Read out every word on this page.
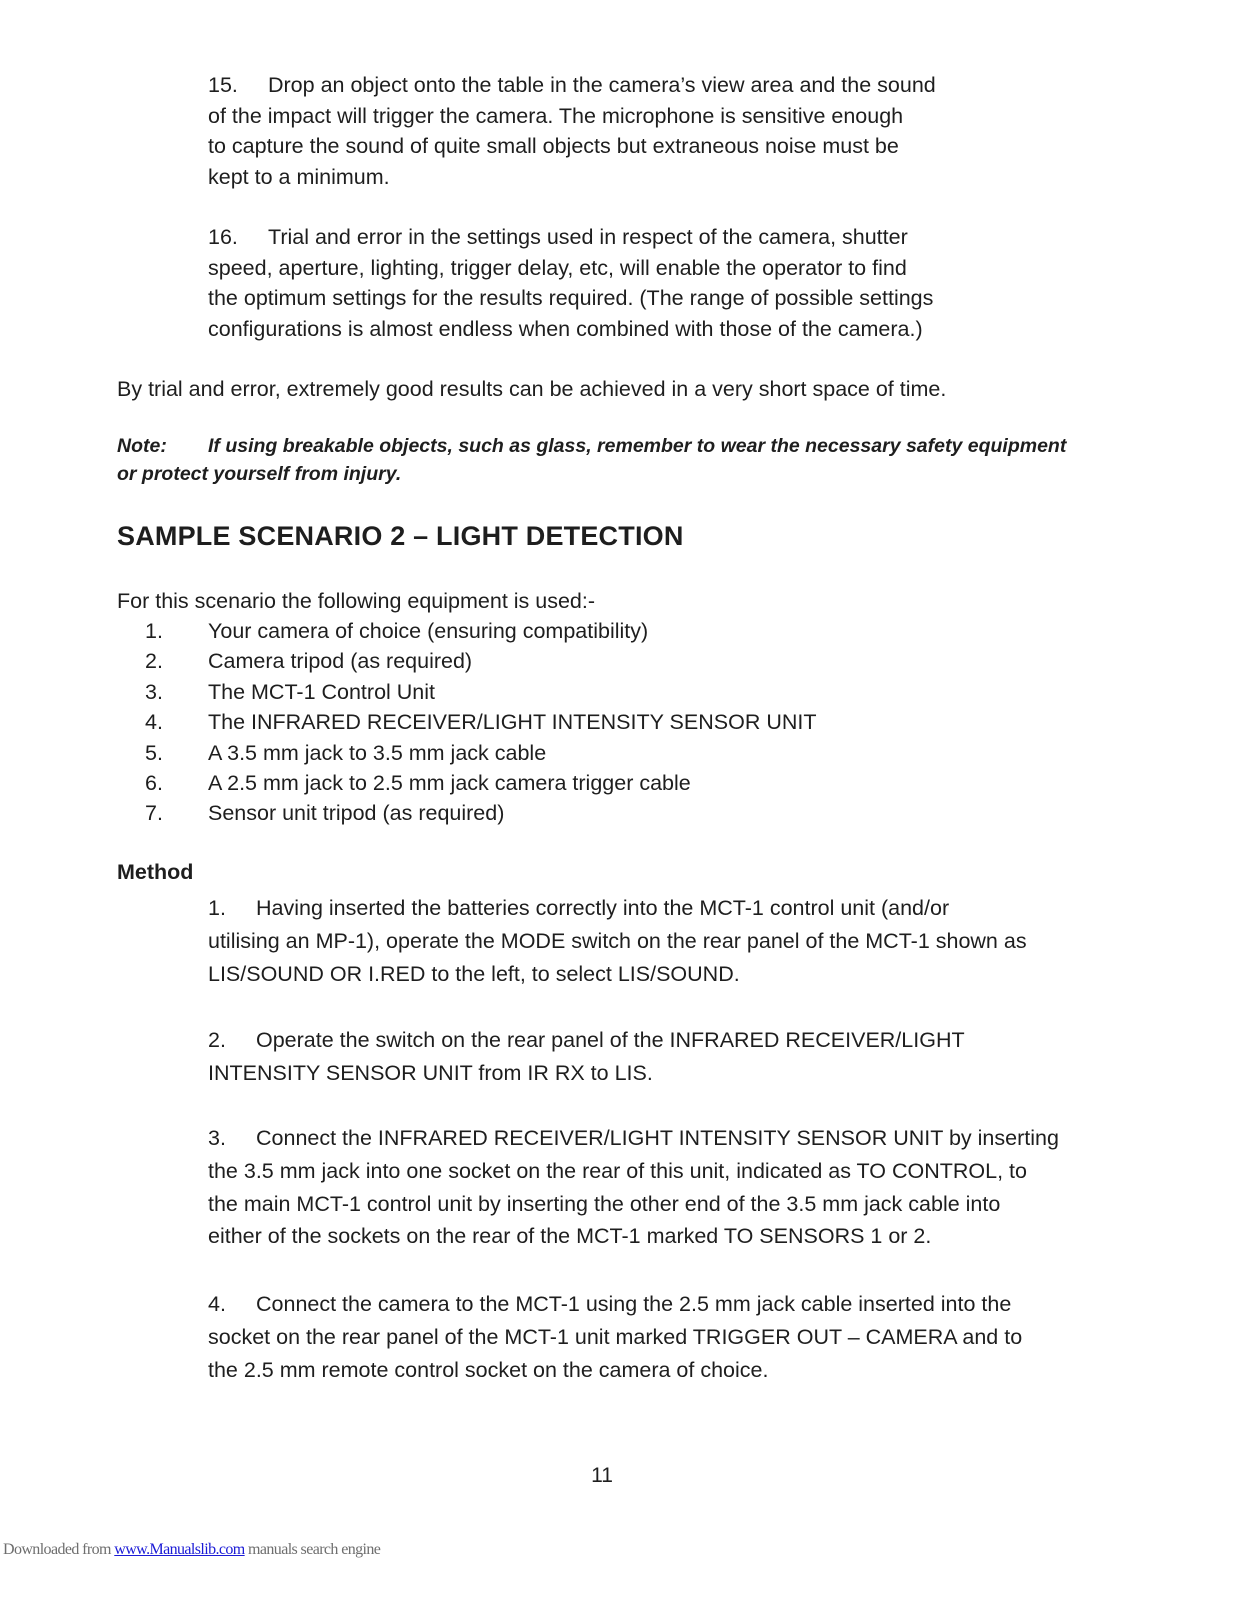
15. Drop an object onto the table in the camera’s view area and the sound
of the impact will trigger the camera. The microphone is sensitive enough
to capture the sound of quite small objects but extraneous noise must be
kept to a minimum.
16. Trial and error in the settings used in respect of the camera, shutter
speed, aperture, lighting, trigger delay, etc, will enable the operator to find
the optimum settings for the results required. (The range of possible settings
configurations is almost endless when combined with those of the camera.)

By trial and error, extremely good results can be achieved in a very short space of time.

Note: If using breakable objects, such as glass, remember to wear the necessary safety equipment
or protect yourself from injury.
SAMPLE SCENARIO 2 – LIGHT DETECTION

For this scenario the following equipment is used:-

1.	Your camera of choice (ensuring compatibility)
2.	Camera tripod (as required)
3.	The MCT-1 Control Unit
4.	The INFRARED RECEIVER/LIGHT INTENSITY SENSOR UNIT
5.	A 3.5 mm jack to 3.5 mm jack cable
6.	A 2.5 mm jack to 2.5 mm jack camera trigger cable
7.	Sensor unit tripod (as required)
Method
1. Having inserted the batteries correctly into the MCT-1 control unit (and/or
utilising an MP-1), operate the MODE switch on the rear panel of the MCT-1 shown as
LIS/SOUND OR I.RED to the left, to select LIS/SOUND.
2. Operate the switch on the rear panel of the INFRARED RECEIVER/LIGHT
INTENSITY SENSOR UNIT from IR RX to LIS.
3. Connect the INFRARED RECEIVER/LIGHT INTENSITY SENSOR UNIT by inserting
the 3.5 mm jack into one socket on the rear of this unit, indicated as TO CONTROL, to
the main MCT-1 control unit by inserting the other end of the 3.5 mm jack cable into
either of the sockets on the rear of the MCT-1 marked TO SENSORS 1 or 2.
4. Connect the camera to the MCT-1 using the 2.5 mm jack cable inserted into the
socket on the rear panel of the MCT-1 unit marked TRIGGER OUT – CAMERA and to
the 2.5 mm remote control socket on the camera of choice.

11

Downloaded from www.Manualslib.com manuals search engine
